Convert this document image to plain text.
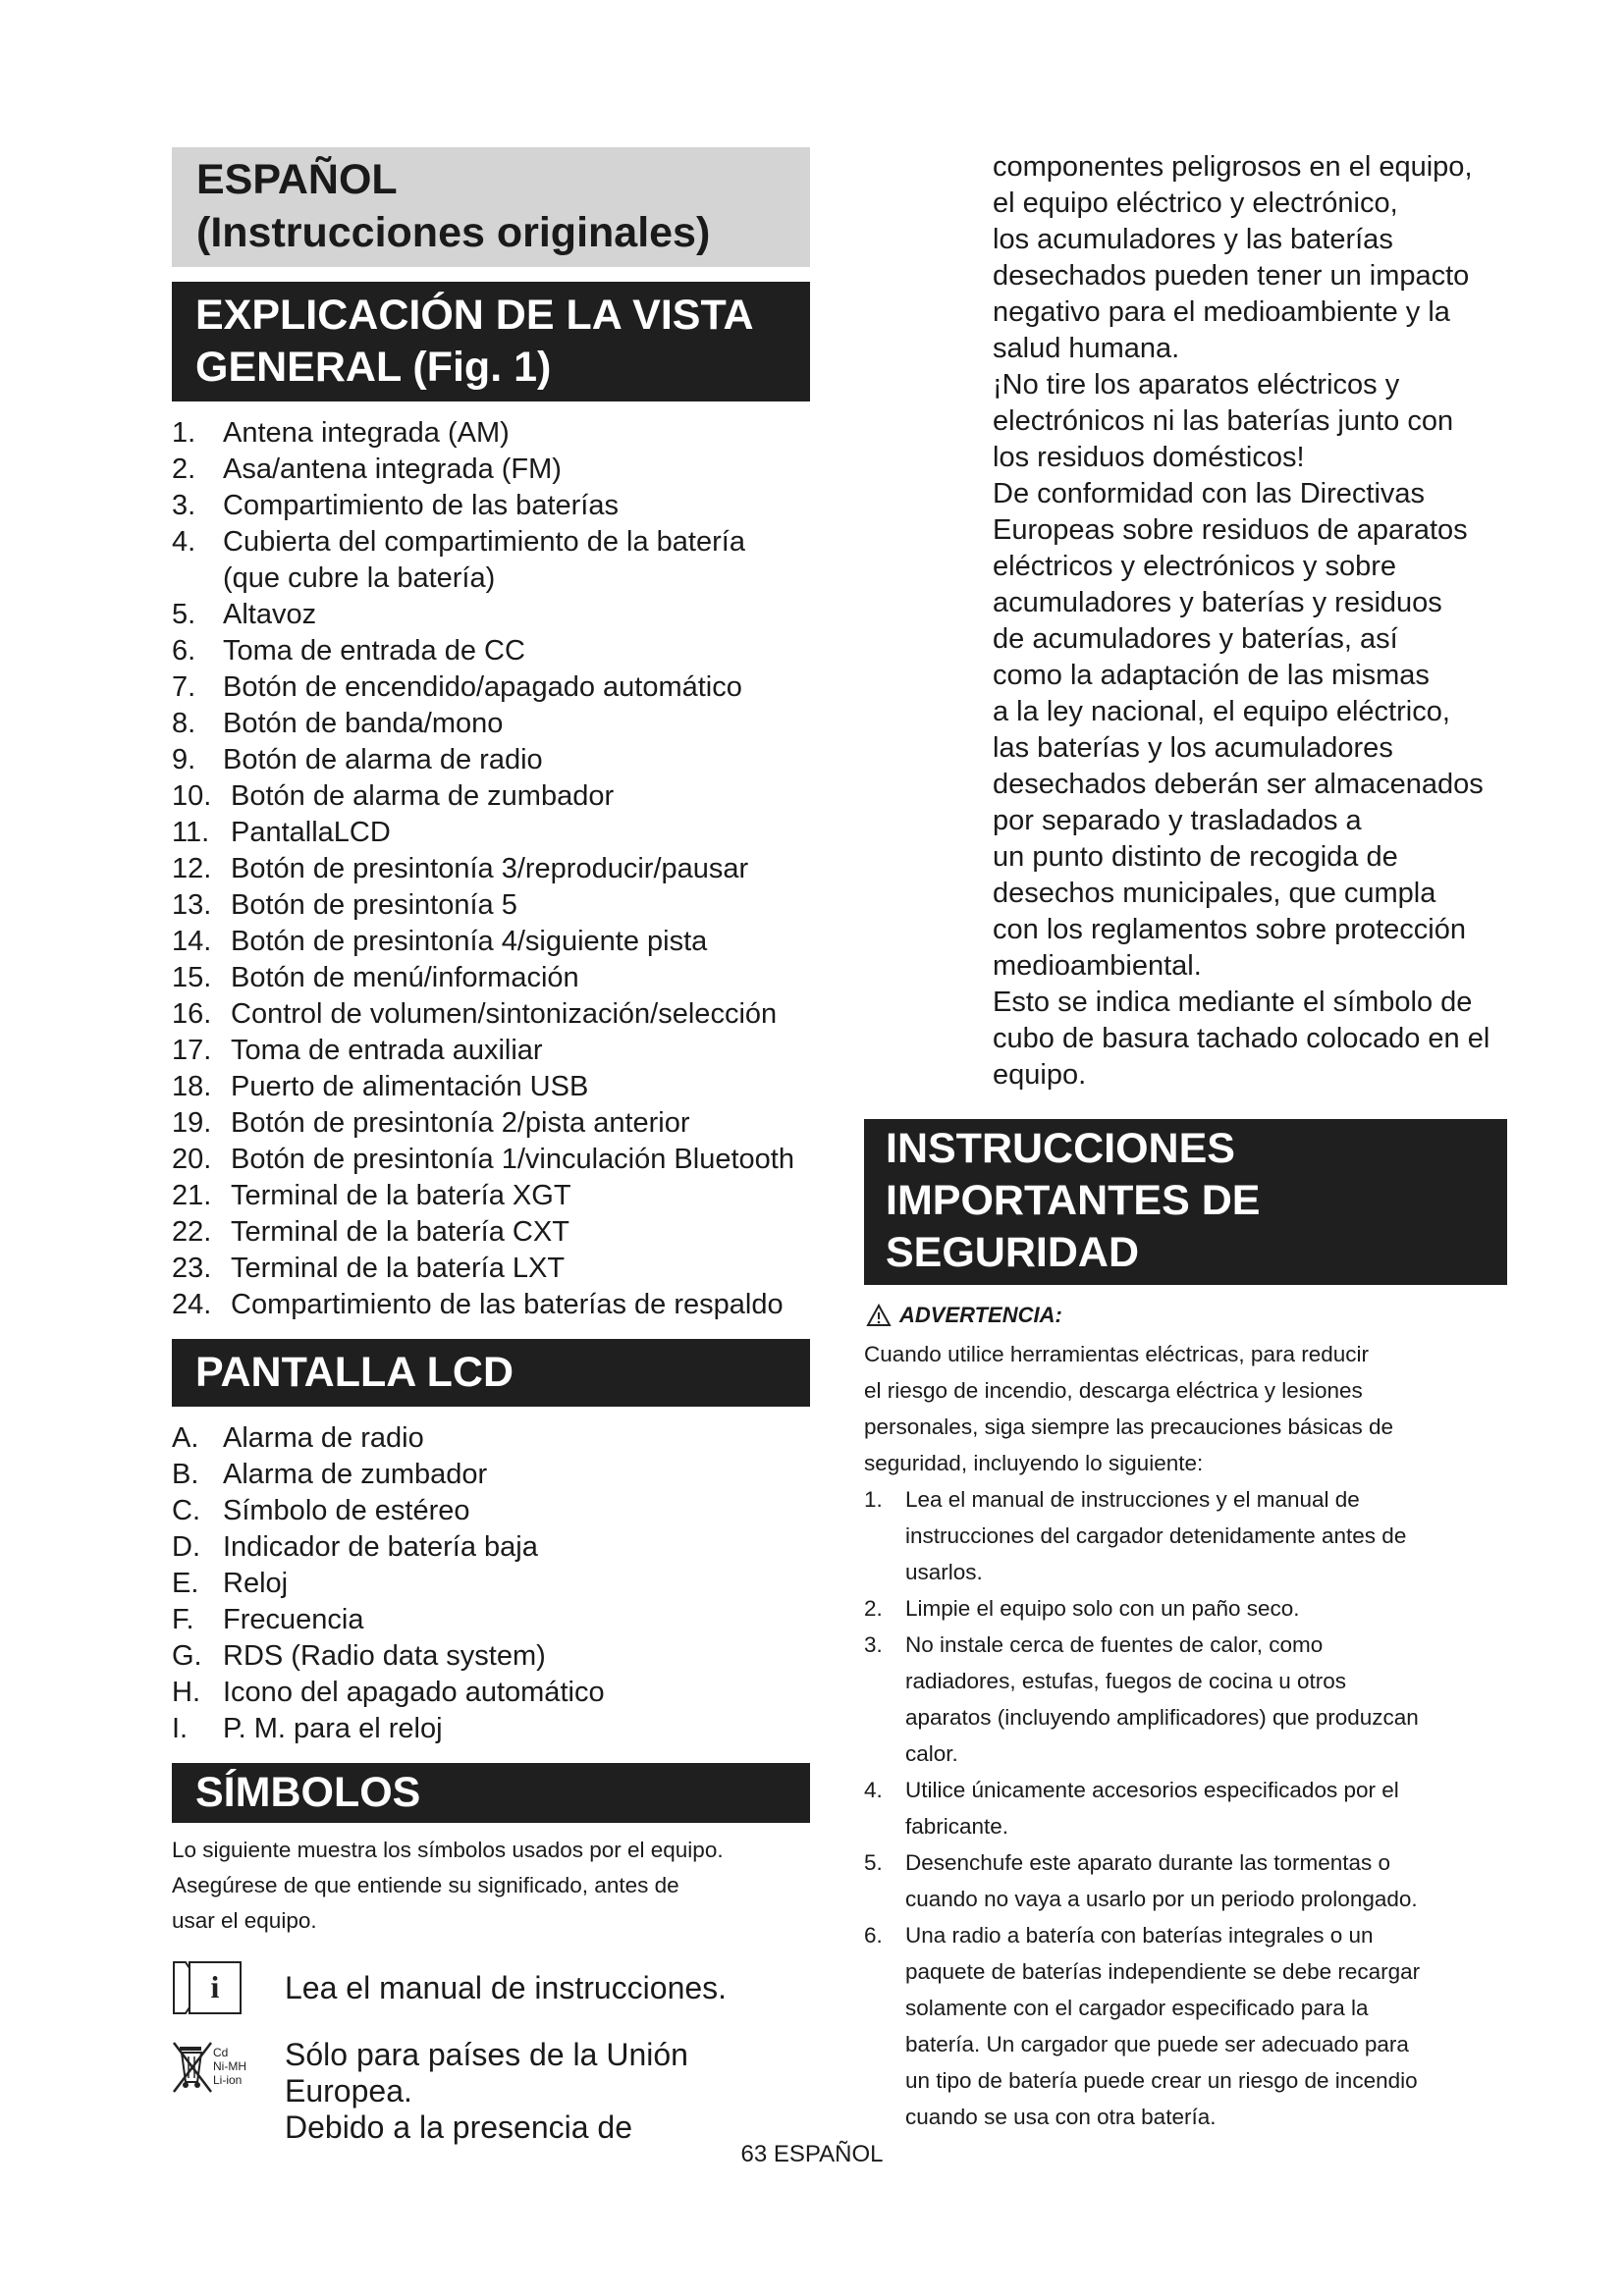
ESPAÑOL
(Instrucciones originales)
EXPLICACIÓN DE LA VISTA
GENERAL (Fig. 1)
1. Antena integrada (AM)
2. Asa/antena integrada (FM)
3. Compartimiento de las baterías
4. Cubierta del compartimiento de la batería
(que cubre la batería)
5. Altavoz
6. Toma de entrada de CC
7. Botón de encendido/apagado automático
8. Botón de banda/mono
9. Botón de alarma de radio
10. Botón de alarma de zumbador
11. PantallaLCD
12. Botón de presintonía 3/reproducir/pausar
13. Botón de presintonía 5
14. Botón de presintonía 4/siguiente pista
15. Botón de menú/información
16. Control de volumen/sintonización/selección
17. Toma de entrada auxiliar
18. Puerto de alimentación USB
19. Botón de presintonía 2/pista anterior
20. Botón de presintonía 1/vinculación Bluetooth
21. Terminal de la batería XGT
22. Terminal de la batería CXT
23. Terminal de la batería LXT
24. Compartimiento de las baterías de respaldo
PANTALLA LCD
A. Alarma de radio
B. Alarma de zumbador
C. Símbolo de estéreo
D. Indicador de batería baja
E. Reloj
F. Frecuencia
G. RDS (Radio data system)
H. Icono del apagado automático
I. P. M. para el reloj
SÍMBOLOS

Lo siguiente muestra los símbolos usados por el equipo.

Asegúrese de que entiende su significado, antes de

usar el equipo.

i Lea el manual de instrucciones.
Cd
Ni-MH
Li-ion
Sólo para países de la Unión Europea.
Debido a la presencia de

componentes peligrosos en el equipo,

el equipo eléctrico y electrónico,

los acumuladores y las baterías

desechados pueden tener un impacto

negativo para el medioambiente y la

salud humana.

¡No tire los aparatos eléctricos y

electrónicos ni las baterías junto con

los residuos domésticos!

De conformidad con las Directivas

Europeas sobre residuos de aparatos

eléctricos y electrónicos y sobre

acumuladores y baterías y residuos

de acumuladores y baterías, así

como la adaptación de las mismas

a la ley nacional, el equipo eléctrico,

las baterías y los acumuladores

desechados deberán ser almacenados

por separado y trasladados a

un punto distinto de recogida de

desechos municipales, que cumpla

con los reglamentos sobre protección

medioambiental.

Esto se indica mediante el símbolo de

cubo de basura tachado colocado en el

equipo.

INSTRUCCIONES
IMPORTANTES DE
SEGURIDAD
ADVERTENCIA:

Cuando utilice herramientas eléctricas, para reducir

el riesgo de incendio, descarga eléctrica y lesiones

personales, siga siempre las precauciones básicas de

seguridad, incluyendo lo siguiente:

1. Lea el manual de instrucciones y el manual de
instrucciones del cargador detenidamente antes de
usarlos.
2. Limpie el equipo solo con un paño seco.
3. No instale cerca de fuentes de calor, como
radiadores, estufas, fuegos de cocina u otros
aparatos (incluyendo amplificadores) que produzcan
calor.
4. Utilice únicamente accesorios especificados por el
fabricante.
5. Desenchufe este aparato durante las tormentas o
cuando no vaya a usarlo por un periodo prolongado.
6. Una radio a batería con baterías integrales o un
paquete de baterías independiente se debe recargar
solamente con el cargador especificado para la
batería. Un cargador que puede ser adecuado para
un tipo de batería puede crear un riesgo de incendio
cuando se usa con otra batería.
63 ESPAÑOL
